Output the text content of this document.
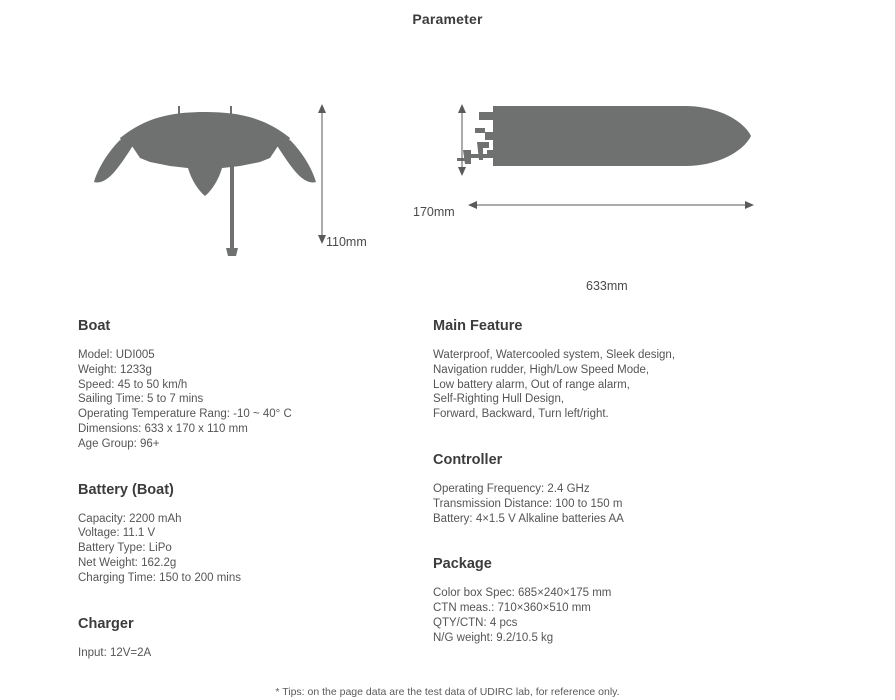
Parameter
110mm
170mm
633mm
Boat
Model: UDI005
Weight: 1233g
Speed: 45 to 50 km/h
Sailing Time: 5 to 7 mins
Operating Temperature Rang: -10 ~ 40° C
Dimensions: 633 x 170 x 110 mm
Age Group: 96+
Battery (Boat)
Capacity: 2200 mAh
Voltage: 11.1 V
Battery Type: LiPo
Net Weight: 162.2g
Charging Time: 150 to 200 mins
Charger
Input: 12V=2A
Main Feature
Waterproof, Watercooled system, Sleek design,
Navigation rudder, High/Low Speed Mode,
Low battery alarm, Out of range alarm,
Self-Righting Hull Design,
Forward, Backward, Turn left/right.
Controller
Operating Frequency: 2.4 GHz
Transmission Distance: 100 to 150 m
Battery: 4×1.5 V Alkaline batteries AA
Package
Color box Spec: 685×240×175 mm
CTN meas.: 710×360×510 mm
QTY/CTN: 4 pcs
N/G weight: 9.2/10.5 kg
* Tips: on the page data are the test data of UDIRC lab, for reference only.
